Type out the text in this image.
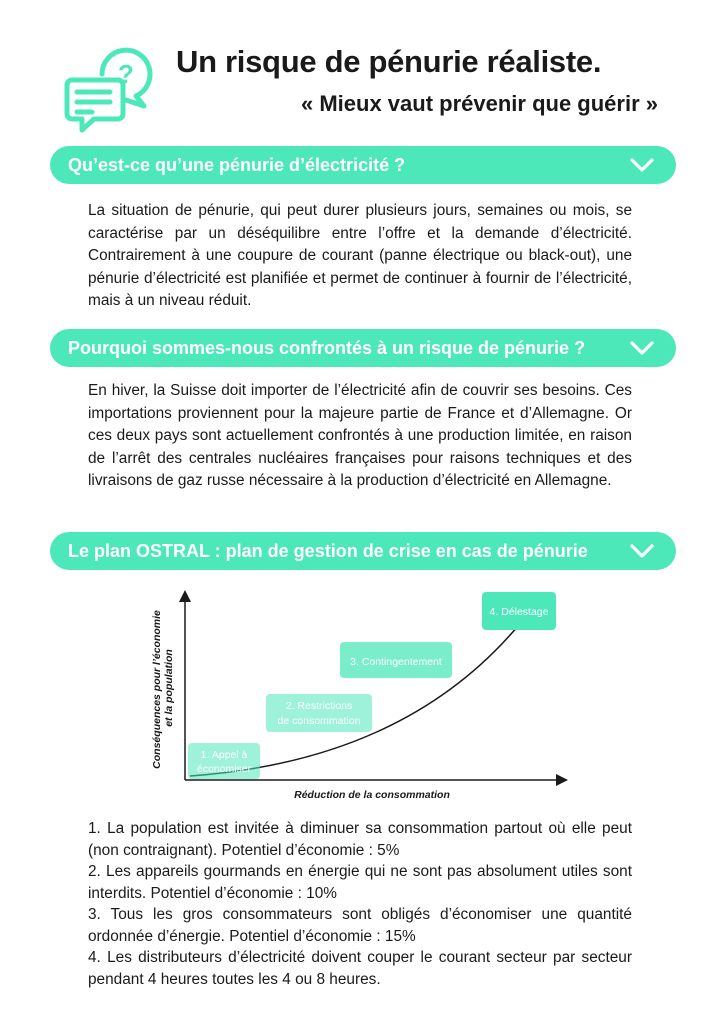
? Un risque de pénurie réaliste.
« Mieux vaut prévenir que guérir »
Qu’est-ce qu’une pénurie d’électricité ?

La situation de pénurie, qui peut durer plusieurs jours, semaines ou mois, se caractérise par un déséquilibre entre l’offre et la demande d’électricité. Contrairement à une coupure de courant (panne électrique ou black-out), une pénurie d’électricité est planifiée et permet de continuer à fournir de l’électricité, mais à un niveau réduit.

Pourquoi sommes-nous confrontés à un risque de pénurie ?

En hiver, la Suisse doit importer de l’électricité afin de couvrir ses besoins. Ces importations proviennent pour la majeure partie de France et d’Allemagne. Or ces deux pays sont actuellement confrontés à une production limitée, en raison de l’arrêt des centrales nucléaires françaises pour raisons techniques et des livraisons de gaz russe nécessaire à la production d’électricité en Allemagne.

Le plan OSTRAL : plan de gestion de crise en cas de pénurie
Conséquences pour l’économie et la population
Réduction de la consommation
1. Appel à
économiser
2. Restrictions
de consommation
3. Contingentement
4. Délestage
1. La population est invitée à diminuer sa consommation partout où elle peut (non contraignant). Potentiel d’économie : 5%
2. Les appareils gourmands en énergie qui ne sont pas absolument utiles sont interdits. Potentiel d’économie : 10%
3. Tous les gros consommateurs sont obligés d’économiser une quantité ordonnée d’énergie. Potentiel d’économie : 15%
4. Les distributeurs d’électricité doivent couper le courant secteur par secteur pendant 4 heures toutes les 4 ou 8 heures.
